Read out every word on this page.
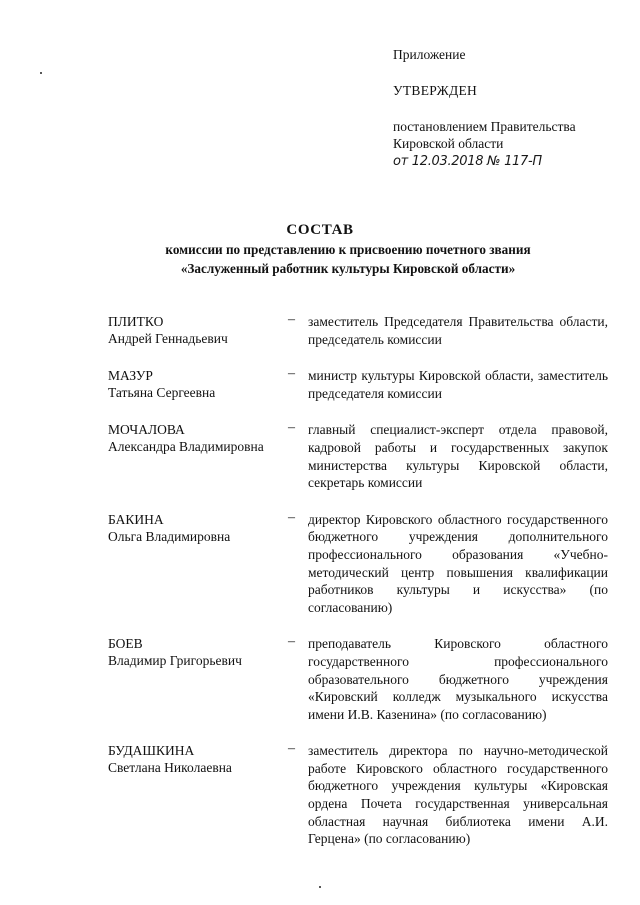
Приложение
УТВЕРЖДЕН
постановлением Правительства
Кировской области
от 12.03.2018 № 117-П
СОСТАВ
комиссии по представлению к присвоению почетного звания
«Заслуженный работник культуры Кировской области»
ПЛИТКО
Андрей Геннадьевич
– заместитель Председателя Правительства области, председатель комиссии
МАЗУР
Татьяна Сергеевна
– министр культуры Кировской области, заместитель председателя комиссии
МОЧАЛОВА
Александра Владимировна
– главный специалист-эксперт отдела правовой, кадровой работы и государственных закупок министерства культуры Кировской области, секретарь комиссии
БАКИНА
Ольга Владимировна
– директор Кировского областного государственного бюджетного учреждения дополнительного профессионального образования «Учебно-методический центр повышения квалификации работников культуры и искусства» (по согласованию)
БОЕВ
Владимир Григорьевич
– преподаватель Кировского областного государственного профессионального образовательного бюджетного учреждения «Кировский колледж музыкального искусства имени И.В. Казенина» (по согласованию)
БУДАШКИНА
Светлана Николаевна
– заместитель директора по научно-методической работе Кировского областного государственного бюджетного учреждения культуры «Кировская ордена Почета государственная универсальная областная научная библиотека имени А.И. Герцена» (по согласованию)
